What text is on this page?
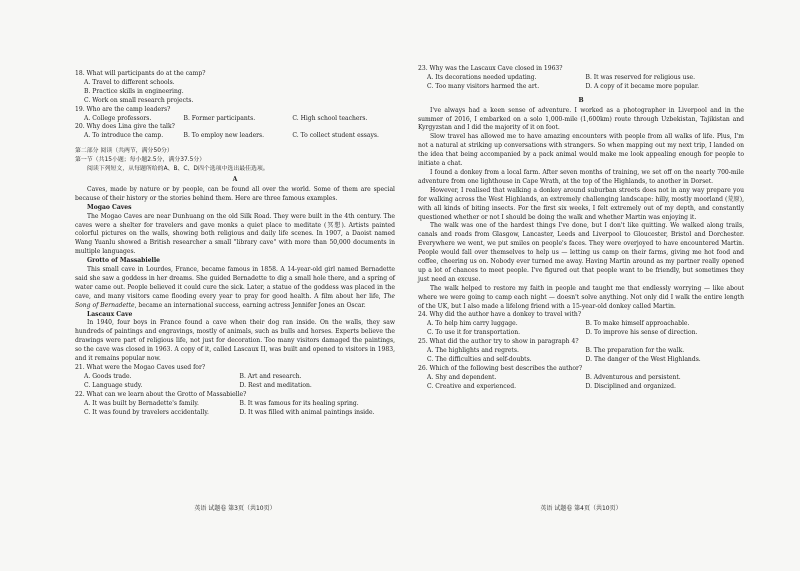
18. What will participants do at the camp?

A. Travel to different schools.

B. Practice skills in engineering.

C. Work on small research projects.

19. Who are the camp leaders?

A. College professors.	B. Former participants.	C. High school teachers.

20. Why does Lina give the talk?

A. To introduce the camp.	B. To employ new leaders.	C. To collect student essays.

第二部分 阅读（共两节，满分50分）

第一节（共15小题；每小题2.5分，满分37.5分）

阅读下列短文，从每题所给的A、B、C、D四个选项中选出最佳选项。

A

Caves, made by nature or by people, can be found all over the world. Some of them are special because of their history or the stories behind them. Here are three famous examples.

Mogao Caves

The Mogao Caves are near Dunhuang on the old Silk Road. They were built in the 4th century. The caves were a shelter for travelers and gave monks a quiet place to meditate (冥想). Artists painted colorful pictures on the walls, showing both religious and daily life scenes. In 1907, a Daoist named Wang Yuanlu showed a British researcher a small "library cave" with more than 50,000 documents in multiple languages.

Grotto of Massabielle

This small cave in Lourdes, France, became famous in 1858. A 14-year-old girl named Bernadette said she saw a goddess in her dreams. She guided Bernadette to dig a small hole there, and a spring of water came out. People believed it could cure the sick. Later, a statue of the goddess was placed in the cave, and many visitors came flooding every year to pray for good health. A film about her life, The Song of Bernadette, became an international success, earning actress Jennifer Jones an Oscar.

Lascaux Cave

In 1940, four boys in France found a cave when their dog ran inside. On the walls, they saw hundreds of paintings and engravings, mostly of animals, such as bulls and horses. Experts believe the drawings were part of religious life, not just for decoration. Too many visitors damaged the paintings, so the cave was closed in 1963. A copy of it, called Lascaux II, was built and opened to visitors in 1983, and it remains popular now.

21. What were the Mogao Caves used for?

A. Goods trade.	B. Art and research.
C. Language study.	D. Rest and meditation.

22. What can we learn about the Grotto of Massabielle?

A. It was built by Bernadette's family.	B. It was famous for its healing spring.
C. It was found by travelers accidentally.	D. It was filled with animal paintings inside.
英语 试题卷 第3页（共10页）

23. Why was the Lascaux Cave closed in 1963?

A. Its decorations needed updating.	B. It was reserved for religious use.
C. Too many visitors harmed the art.	D. A copy of it became more popular.

B

I've always had a keen sense of adventure. I worked as a photographer in Liverpool and in the summer of 2016, I embarked on a solo 1,000-mile (1,600km) route through Uzbekistan, Tajikistan and Kyrgyzstan and I did the majority of it on foot.

Slow travel has allowed me to have amazing encounters with people from all walks of life. Plus, I'm not a natural at striking up conversations with strangers. So when mapping out my next trip, I landed on the idea that being accompanied by a pack animal would make me look appealing enough for people to initiate a chat.

I found a donkey from a local farm. After seven months of training, we set off on the nearly 700-mile adventure from one lighthouse in Cape Wrath, at the top of the Highlands, to another in Dorset.

However, I realised that walking a donkey around suburban streets does not in any way prepare you for walking across the West Highlands, an extremely challenging landscape: hilly, mostly moorland (荒原), with all kinds of biting insects. For the first six weeks, I felt extremely out of my depth, and constantly questioned whether or not I should be doing the walk and whether Martin was enjoying it.

The walk was one of the hardest things I've done, but I don't like quitting. We walked along trails, canals and roads from Glasgow, Lancaster, Leeds and Liverpool to Gloucester, Bristol and Dorchester. Everywhere we went, we put smiles on people's faces. They were overjoyed to have encountered Martin. People would fall over themselves to help us — letting us camp on their farms, giving me hot food and coffee, cheering us on. Nobody ever turned me away. Having Martin around as my partner really opened up a lot of chances to meet people. I've figured out that people want to be friendly, but sometimes they just need an excuse.

The walk helped to restore my faith in people and taught me that endlessly worrying — like about where we were going to camp each night — doesn't solve anything. Not only did I walk the entire length of the UK, but I also made a lifelong friend with a 15-year-old donkey called Martin.

24. Why did the author have a donkey to travel with?

A. To help him carry luggage.	B. To make himself approachable.
C. To use it for transportation.	D. To improve his sense of direction.

25. What did the author try to show in paragraph 4?

A. The highlights and regrets.	B. The preparation for the walk.
C. The difficulties and self-doubts.	D. The danger of the West Highlands.

26. Which of the following best describes the author?

A. Shy and dependent.	B. Adventurous and persistent.
C. Creative and experienced.	D. Disciplined and organized.
英语 试题卷 第4页（共10页）
